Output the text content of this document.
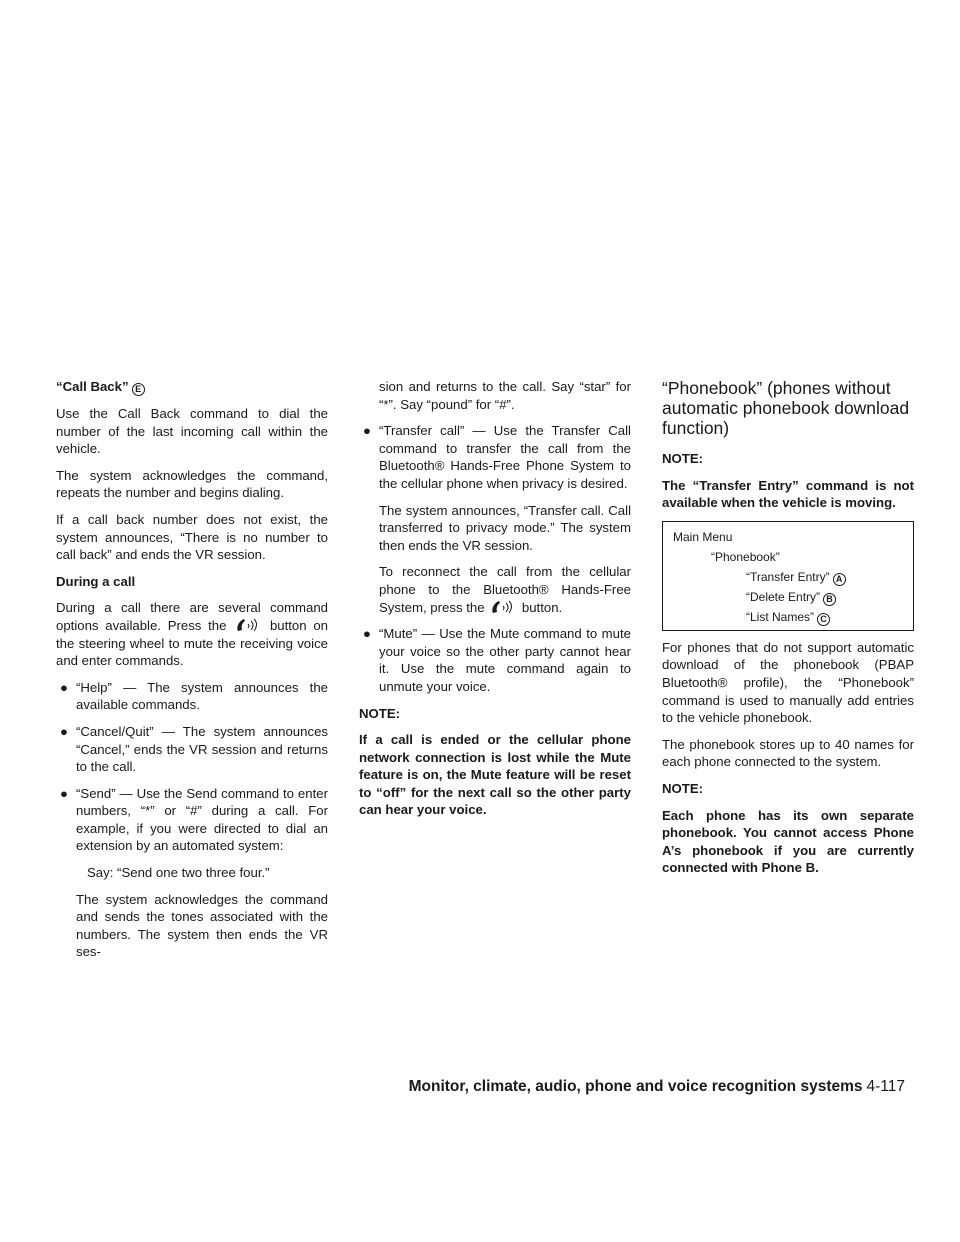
“Call Back” E

Use the Call Back command to dial the number of the last incoming call within the vehicle.

The system acknowledges the command, repeats the number and begins dialing.

If a call back number does not exist, the system announces, “There is no number to call back” and ends the VR session.

During a call

During a call there are several command options available. Press the	button on the steering wheel to mute the receiving voice and enter commands.

● “Help” — The system announces the available commands.
● “Cancel/Quit” — The system announces “Cancel,” ends the VR session and returns to the call.
● “Send” — Use the Send command to enter numbers, “*” or “#” during a call. For example, if you were directed to dial an extension by an automated system:

Say: “Send one two three four.”

The system acknowledges the command and sends the tones associated with the numbers. The system then ends the VR ses-

sion and returns to the call. Say “star” for “*”. Say “pound” for “#”.

● “Transfer call” — Use the Transfer Call command to transfer the call from the Bluetooth® Hands-Free Phone System to the cellular phone when privacy is desired.

The system announces, “Transfer call. Call transferred to privacy mode.” The system then ends the VR session.

To reconnect the call from the cellular phone to the Bluetooth® Hands-Free System, press the	button.

● “Mute” — Use the Mute command to mute your voice so the other party cannot hear it. Use the mute command again to unmute your voice.
NOTE:

If a call is ended or the cellular phone network connection is lost while the Mute feature is on, the Mute feature will be reset to “off” for the next call so the other party can hear your voice.

“Phonebook” (phones without automatic phonebook download function)
NOTE:

The “Transfer Entry” command is not available when the vehicle is moving.

Main Menu
“Phonebook”
“Transfer Entry” A
“Delete Entry” B
“List Names” C

For phones that do not support automatic download of the phonebook (PBAP Bluetooth® profile), the “Phonebook” command is used to manually add entries to the vehicle phonebook.

The phonebook stores up to 40 names for each phone connected to the system.

NOTE:

Each phone has its own separate phonebook. You cannot access Phone A’s phonebook if you are currently connected with Phone B.

Monitor, climate, audio, phone and voice recognition systems 4-117
